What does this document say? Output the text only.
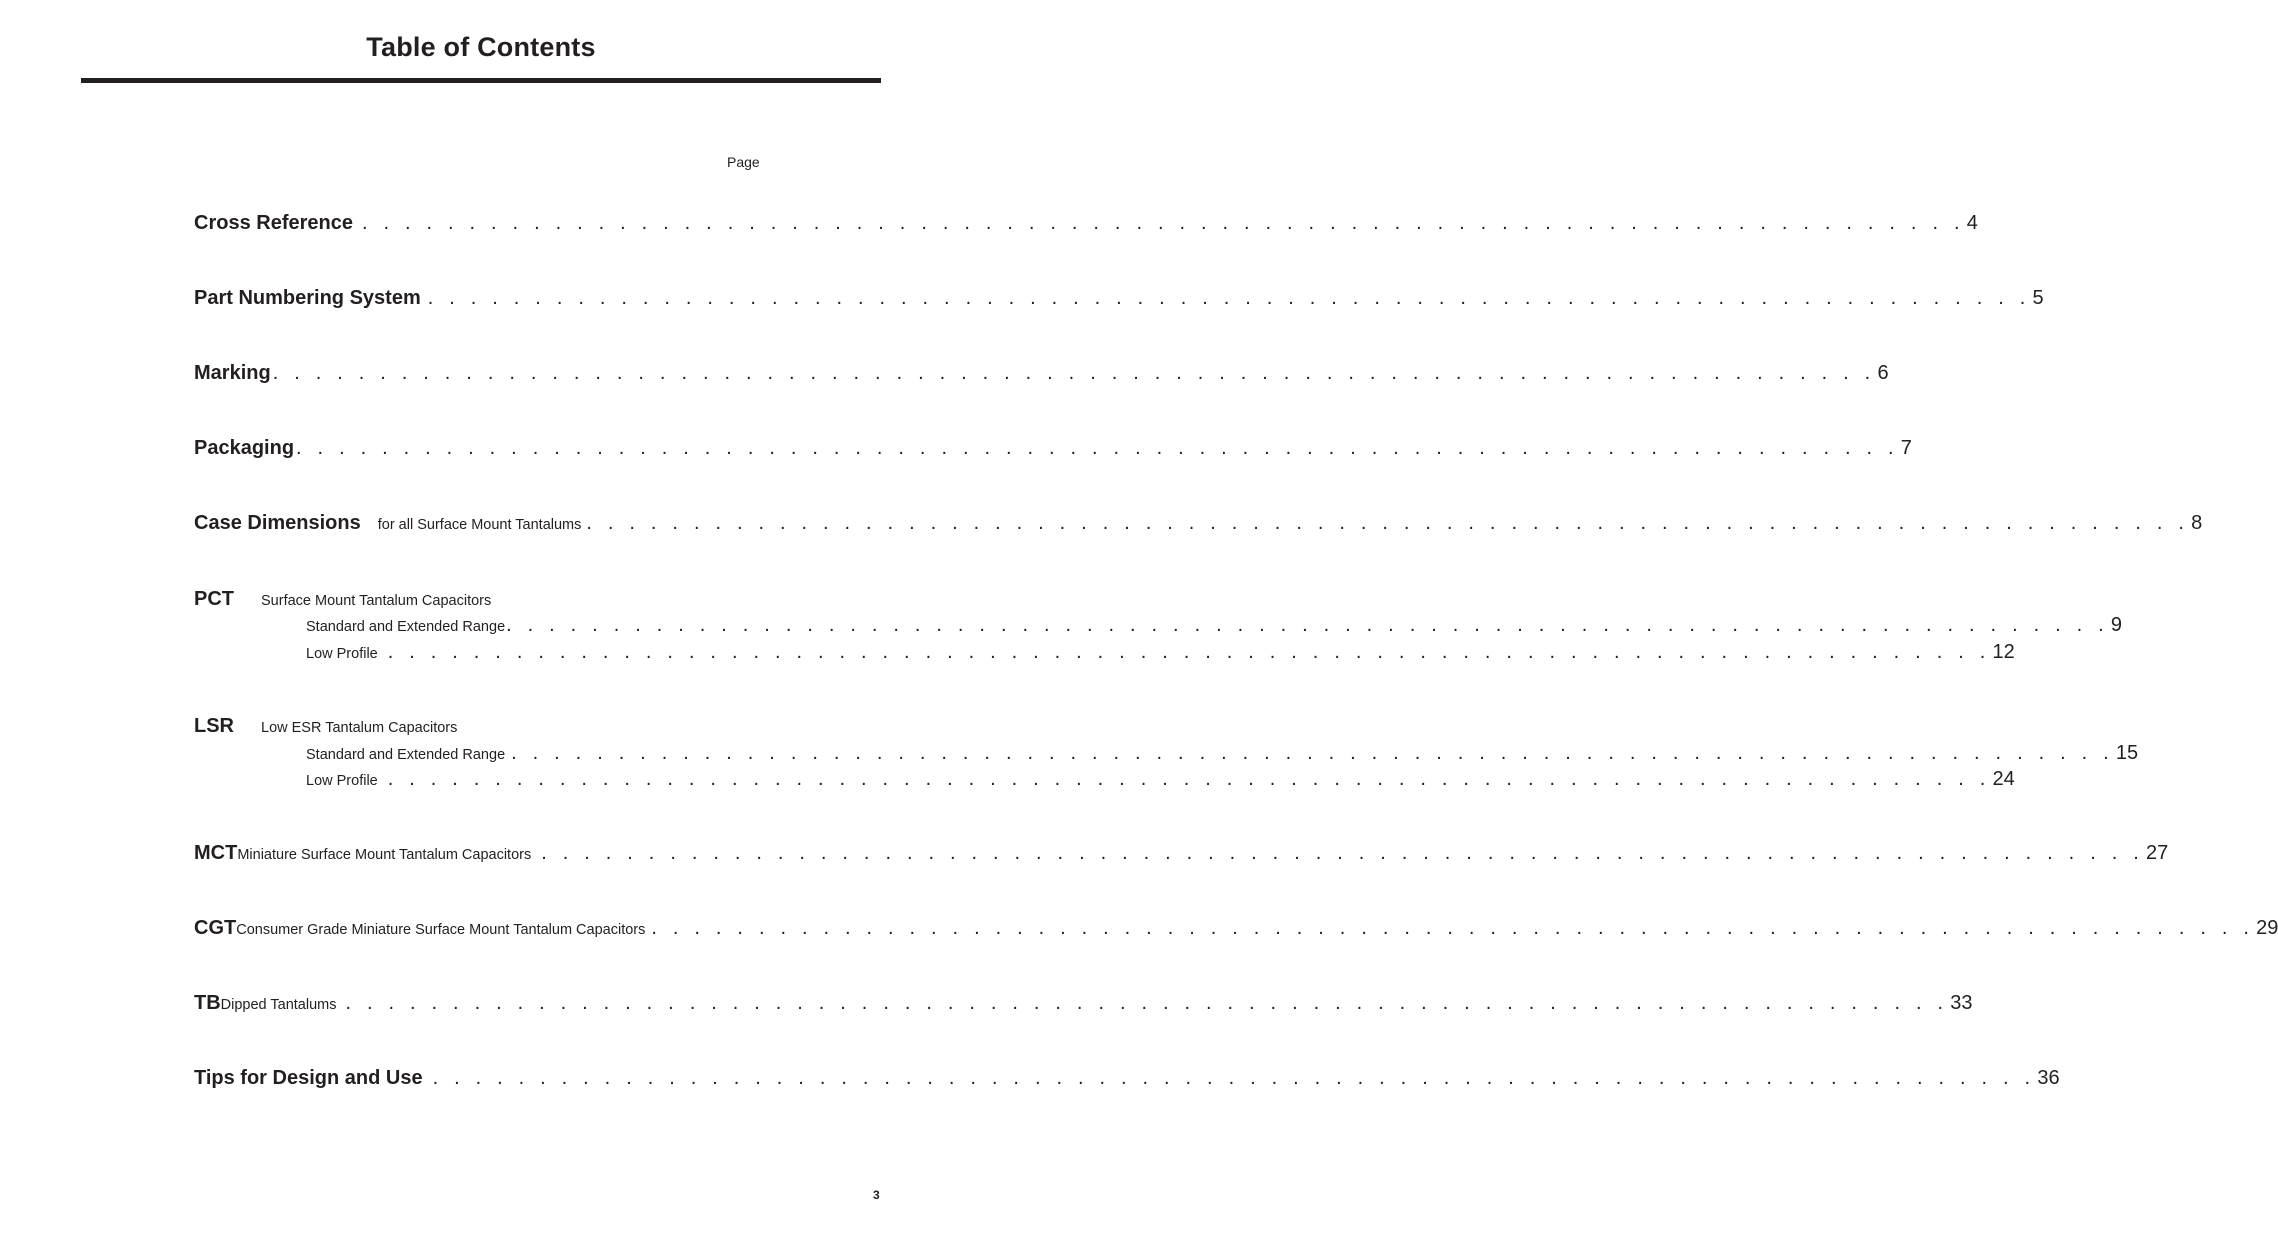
Table of Contents
Page
Cross Reference . . . . . . . . . . . . . . . . . . . . . . . . . . . . . . . . . . . . . . . . . . . . . . . . . . . . . . . . . . . . . . . . . . . . . . . . . . . 4
Part Numbering System . . . . . . . . . . . . . . . . . . . . . . . . . . . . . . . . . . . . . . . . . . . . . . . . . . . . . . . . . . . . . . . . . . . . . . . . . . . 5
Marking . . . . . . . . . . . . . . . . . . . . . . . . . . . . . . . . . . . . . . . . . . . . . . . . . . . . . . . . . . . . . . . . . . . . . . . . . . . 6
Packaging . . . . . . . . . . . . . . . . . . . . . . . . . . . . . . . . . . . . . . . . . . . . . . . . . . . . . . . . . . . . . . . . . . . . . . . . . . . 7
Case Dimensions for all Surface Mount Tantalums . . . . . . . . . . . . . . . . . . . . . . . . . . . . . . . . . . . . . . . . . . . . . . . . . . . . . . . . . . . . . . . . . . . . . . . . . . . 8
PCT	Surface Mount Tantalum Capacitors
Standard and Extended Range . . . . . . . . . . . . . . . . . . . . . . . . . . . . . . . . . . . . . . . . . . . . . . . . . . . . . . . . . . . . . . . . . . . . . . . . . . . 9
Low Profile . . . . . . . . . . . . . . . . . . . . . . . . . . . . . . . . . . . . . . . . . . . . . . . . . . . . . . . . . . . . . . . . . . . . . . . . . . . 12
LSR	Low ESR Tantalum Capacitors
Standard and Extended Range . . . . . . . . . . . . . . . . . . . . . . . . . . . . . . . . . . . . . . . . . . . . . . . . . . . . . . . . . . . . . . . . . . . . . . . . . . . 15
Low Profile . . . . . . . . . . . . . . . . . . . . . . . . . . . . . . . . . . . . . . . . . . . . . . . . . . . . . . . . . . . . . . . . . . . . . . . . . . . 24
MCT Miniature Surface Mount Tantalum Capacitors . . . . . . . . . . . . . . . . . . . . . . . . . . . . . . . . . . . . . . . . . . . . . . . . . . . . . . . . . . . . . . . . . . . . . . . . . . . 27
CGT Consumer Grade Miniature Surface Mount Tantalum Capacitors . . . . . . . . . . . . . . . . . . . . . . . . . . . . . . . . . . . . . . . . . . . . . . . . . . . . . . . . . . . . . . . . . . . . . . . . . . . 29
TB Dipped Tantalums . . . . . . . . . . . . . . . . . . . . . . . . . . . . . . . . . . . . . . . . . . . . . . . . . . . . . . . . . . . . . . . . . . . . . . . . . . . 33
Tips for Design and Use . . . . . . . . . . . . . . . . . . . . . . . . . . . . . . . . . . . . . . . . . . . . . . . . . . . . . . . . . . . . . . . . . . . . . . . . . . . 36
3
